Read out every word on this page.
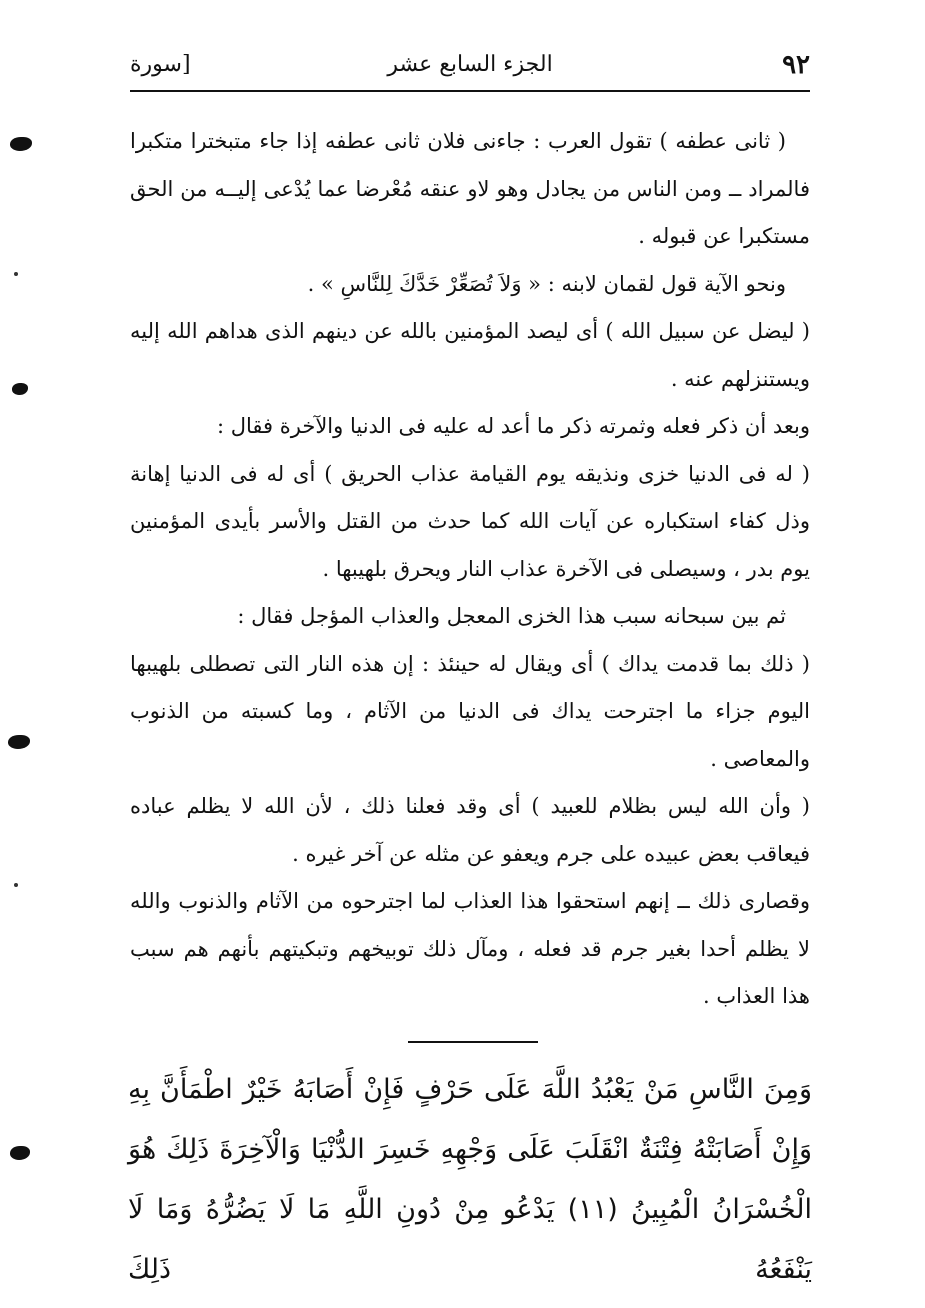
٩٢
الجزء السابع عشر
[سورة

( ثانى عطفه ) تقول العرب : جاءنى فلان ثانى عطفه إذا جاء متبخترا متكبرا فالمراد ــ ومن الناس من يجادل وهو لاو عنقه مُعْرضا عما يُدْعى إليــه من الحق مستكبرا عن قبوله .

ونحو الآية قول لقمان لابنه : « وَلاَ تُصَعِّرْ خَدَّكَ لِلنَّاسِ » .

( ليضل عن سبيل الله ) أى ليصد المؤمنين بالله عن دينهم الذى هداهم الله إليه ويستنزلهم عنه .

وبعد أن ذكر فعله وثمرته ذكر ما أعد له عليه فى الدنيا والآخرة فقال :

( له فى الدنيا خزى ونذيقه يوم القيامة عذاب الحريق ) أى له فى الدنيا إهانة وذل كفاء استكباره عن آيات الله كما حدث من القتل والأسر بأيدى المؤمنين يوم بدر ، وسيصلى فى الآخرة عذاب النار ويحرق بلهيبها .

ثم بين سبحانه سبب هذا الخزى المعجل والعذاب المؤجل فقال :

( ذلك بما قدمت يداك ) أى ويقال له حينئذ : إن هذه النار التى تصطلى بلهيبها اليوم جزاء ما اجترحت يداك فى الدنيا من الآثام ، وما كسبته من الذنوب والمعاصى .

( وأن الله ليس بظلام للعبيد ) أى وقد فعلنا ذلك ، لأن الله لا يظلم عباده فيعاقب بعض عبيده على جرم ويعفو عن مثله عن آخر غيره .

وقصارى ذلك ــ إنهم استحقوا هذا العذاب لما اجترحوه من الآثام والذنوب والله لا يظلم أحدا بغير جرم قد فعله ، ومآل ذلك توبيخهم وتبكيتهم بأنهم هم سبب هذا العذاب .

وَمِنَ النَّاسِ مَنْ يَعْبُدُ اللَّهَ عَلَى حَرْفٍ فَإِنْ أَصَابَهُ خَيْرٌ اطْمَأَنَّ بِهِ وَإِنْ أَصَابَتْهُ فِتْنَةٌ انْقَلَبَ عَلَى وَجْهِهِ خَسِرَ الدُّنْيَا وَالْآخِرَةَ ذَلِكَ هُوَ الْخُسْرَانُ الْمُبِينُ (١١) يَدْعُو مِنْ دُونِ اللَّهِ مَا لَا يَضُرُّهُ وَمَا لَا يَنْفَعُهُ ذَلِكَ
